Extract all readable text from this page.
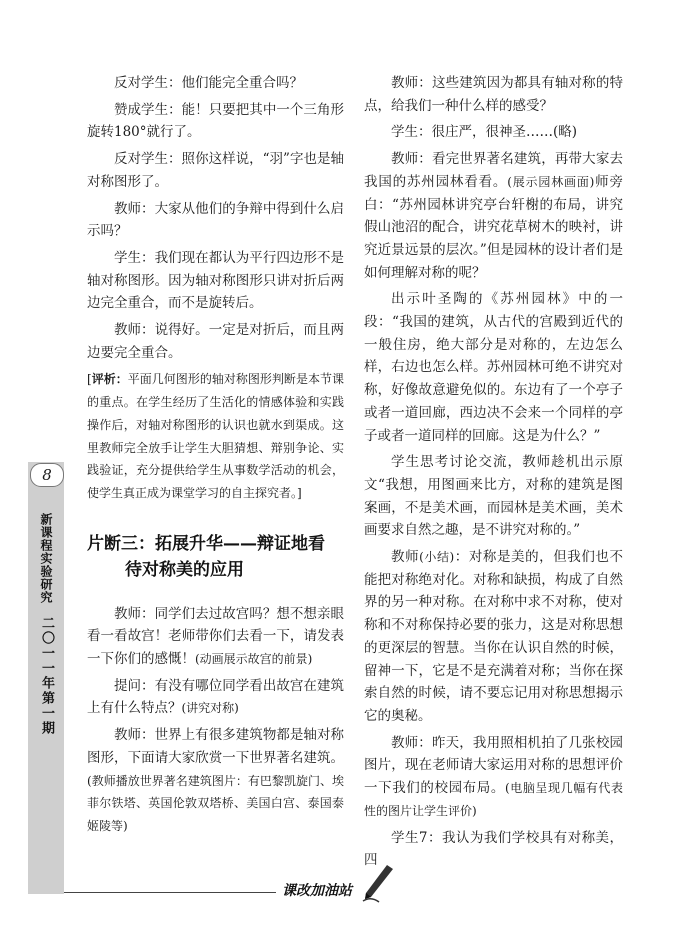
反对学生：他们能完全重合吗？

赞成学生：能！只要把其中一个三角形旋转180°就行了。

反对学生：照你这样说，“羽”字也是轴对称图形了。

教师：大家从他们的争辩中得到什么启示吗？

学生：我们现在都认为平行四边形不是轴对称图形。因为轴对称图形只讲对折后两边完全重合，而不是旋转后。

教师：说得好。一定是对折后，而且两边要完全重合。

[评析：平面几何图形的轴对称图形判断是本节课的重点。在学生经历了生活化的情感体验和实践操作后，对轴对称图形的认识也就水到渠成。这里教师完全放手让学生大胆猜想、辩别争论、实践验证，充分提供给学生从事数学活动的机会，使学生真正成为课堂学习的自主探究者。]

片断三：拓展升华——辩证地看
待对称美的应用

教师：同学们去过故宫吗？想不想亲眼看一看故宫！老师带你们去看一下，请发表一下你们的感慨！(动画展示故宫的前景)

提问：有没有哪位同学看出故宫在建筑上有什么特点？(讲究对称)

教师：世界上有很多建筑物都是轴对称图形，下面请大家欣赏一下世界著名建筑。(教师播放世界著名建筑图片：有巴黎凯旋门、埃菲尔铁塔、英国伦敦双塔桥、美国白宫、泰国泰姬陵等)

教师：这些建筑因为都具有轴对称的特点，给我们一种什么样的感受？

学生：很庄严，很神圣……(略)

教师：看完世界著名建筑，再带大家去我国的苏州园林看看。(展示园林画面)师旁白：“苏州园林讲究亭台轩榭的布局，讲究假山池沼的配合，讲究花草树木的映衬，讲究近景远景的层次。”但是园林的设计者们是如何理解对称的呢？

出示叶圣陶的《苏州园林》中的一段：“我国的建筑，从古代的宫殿到近代的一般住房，绝大部分是对称的，左边怎么样，右边也怎么样。苏州园林可绝不讲究对称，好像故意避免似的。东边有了一个亭子或者一道回廊，西边决不会来一个同样的亭子或者一道同样的回廊。这是为什么？”

学生思考讨论交流，教师趁机出示原文“我想，用图画来比方，对称的建筑是图案画，不是美术画，而园林是美术画，美术画要求自然之趣，是不讲究对称的。”

教师(小结)：对称是美的，但我们也不能把对称绝对化。对称和缺损，构成了自然界的另一种对称。在对称中求不对称，使对称和不对称保持必要的张力，这是对称思想的更深层的智慧。当你在认识自然的时候，留神一下，它是不是充满着对称；当你在探索自然的时候，请不要忘记用对称思想揭示它的奥秘。

教师：昨天，我用照相机拍了几张校园图片，现在老师请大家运用对称的思想评价一下我们的校园布局。(电脑呈现几幅有代表性的图片让学生评价)

学生7：我认为我们学校具有对称美，四

8
新课程实验研究
二〇一一年第一期
课改加油站
